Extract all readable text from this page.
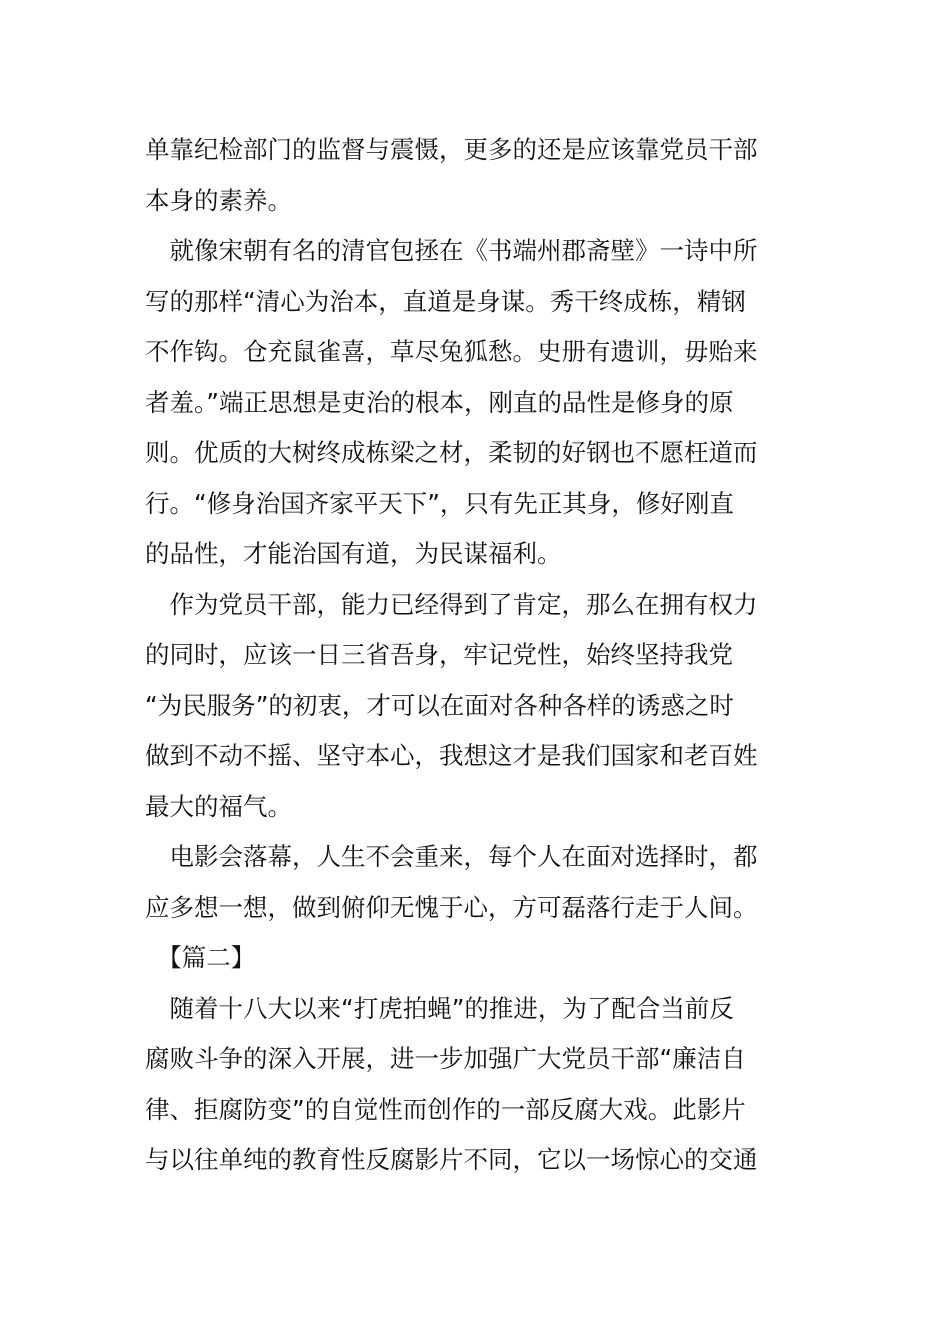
单靠纪检部门的监督与震慑，更多的还是应该靠党员干部
本身的素养。
　就像宋朝有名的清官包拯在《书端州郡斋壁》一诗中所
写的那样“清心为治本，直道是身谋。秀干终成栋，精钢
不作钩。仓充鼠雀喜，草尽兔狐愁。史册有遗训，毋贻来
者羞。”端正思想是吏治的根本，刚直的品性是修身的原
则。优质的大树终成栋梁之材，柔韧的好钢也不愿枉道而
行。“修身治国齐家平天下”，只有先正其身，修好刚直
的品性，才能治国有道，为民谋福利。
　作为党员干部，能力已经得到了肯定，那么在拥有权力
的同时，应该一日三省吾身，牢记党性，始终坚持我党
“为民服务”的初衷，才可以在面对各种各样的诱惑之时
做到不动不摇、坚守本心，我想这才是我们国家和老百姓
最大的福气。
　电影会落幕，人生不会重来，每个人在面对选择时，都
应多想一想，做到俯仰无愧于心，方可磊落行走于人间。
　【篇二】
　随着十八大以来“打虎拍蝇”的推进，为了配合当前反
腐败斗争的深入开展，进一步加强广大党员干部“廉洁自
律、拒腐防变”的自觉性而创作的一部反腐大戏。此影片
与以往单纯的教育性反腐影片不同，它以一场惊心的交通
